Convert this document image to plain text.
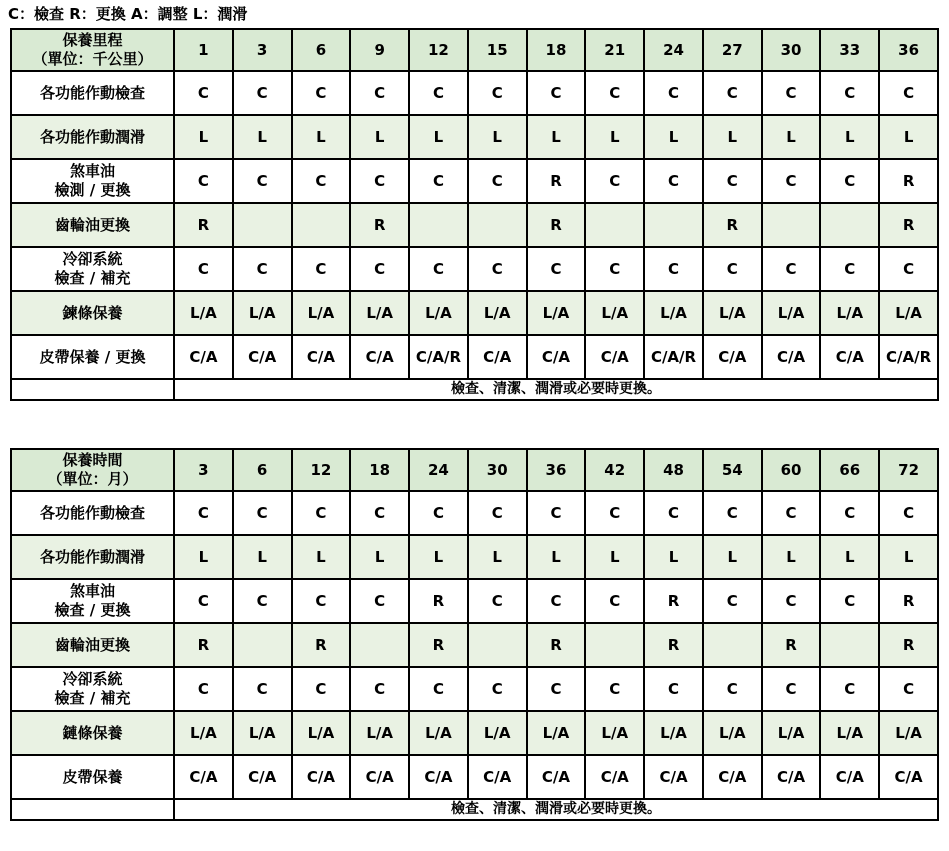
C：檢查 R：更換 A：調整 L：潤滑
保養里程
（單位：千公里）	1	3	6	9	12	15	18	21	24	27	30	33	36

各功能作動檢查	C	C	C	C	C	C	C	C	C	C	C	C	C

各功能作動潤滑	L	L	L	L	L	L	L	L	L	L	L	L	L

煞車油
檢測 / 更換	C	C	C	C	C	C	R	C	C	C	C	C	R

齒輪油更換	R			R			R			R			R

冷卻系統
檢查 / 補充	C	C	C	C	C	C	C	C	C	C	C	C	C

鍊條保養	L/A	L/A	L/A	L/A	L/A	L/A	L/A	L/A	L/A	L/A	L/A	L/A	L/A

皮帶保養 / 更換	C/A	C/A	C/A	C/A	C/A/R	C/A	C/A	C/A	C/A/R	C/A	C/A	C/A	C/A/R
	檢查、清潔、潤滑或必要時更換。												
保養時間
（單位：月）	3	6	12	18	24	30	36	42	48	54	60	66	72

各功能作動檢查	C	C	C	C	C	C	C	C	C	C	C	C	C

各功能作動潤滑	L	L	L	L	L	L	L	L	L	L	L	L	L

煞車油
檢查 / 更換	C	C	C	C	R	C	C	C	R	C	C	C	R

齒輪油更換	R		R		R		R		R		R		R

冷卻系統
檢查 / 補充	C	C	C	C	C	C	C	C	C	C	C	C	C

鏈條保養	L/A	L/A	L/A	L/A	L/A	L/A	L/A	L/A	L/A	L/A	L/A	L/A	L/A

皮帶保養	C/A	C/A	C/A	C/A	C/A	C/A	C/A	C/A	C/A	C/A	C/A	C/A	C/A
	檢查、清潔、潤滑或必要時更換。												
